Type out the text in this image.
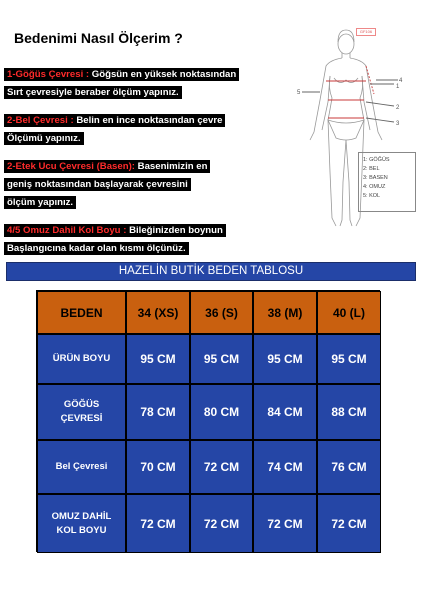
Bedenimi Nasıl Ölçerim ?
1-Göğüs Çevresi : Göğsün en yüksek noktasından
Sırt çevresiyle beraber ölçüm yapınız.
2-Bel Çevresi : Belin en ince noktasından çevre
Ölçümü yapınız.
2-Etek Ucu Çevresi (Basen): Basenimizin en
geniş noktasından başlayarak çevresini
ölçüm yapınız.
4/5 Omuz Dahil Kol Boyu : Bileğinizden boynun
Başlangıcına kadar olan kısmı ölçünüz.
GF106
4
1
2
3
5
1: GÖĞÜS
2: BEL
3: BASEN
4: OMUZ
5: KOL
HAZELİN BUTİK BEDEN TABLOSU
BEDEN	34 (XS)	36 (S)	38 (M)	40 (L)
ÜRÜN BOYU	95 CM	95 CM	95 CM	95 CM
GÖĞÜS ÇEVRESİ	78 CM	80 CM	84 CM	88 CM
Bel Çevresi	70 CM	72 CM	74 CM	76 CM
OMUZ DAHİL KOL BOYU	72 CM	72 CM	72 CM	72 CM
